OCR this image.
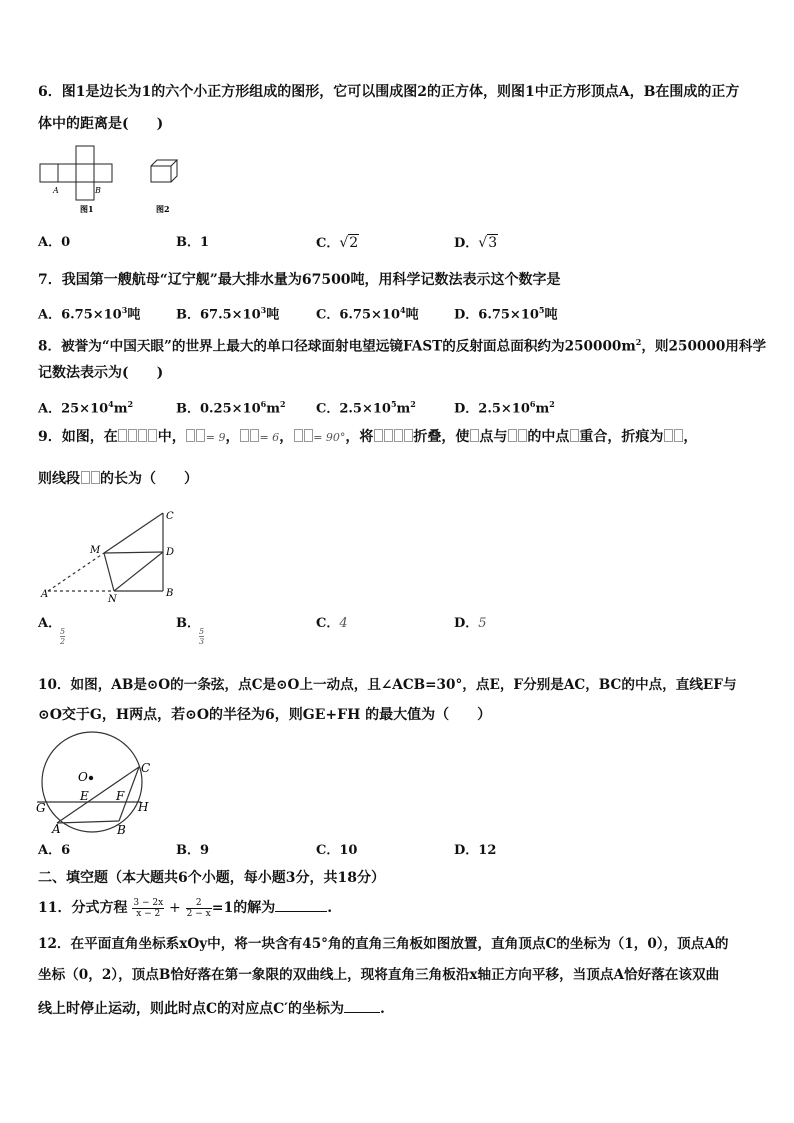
6．图1是边长为1的六个小正方形组成的图形，它可以围成图2的正方体，则图1中正方形顶点A，B在围成的正方
体中的距离是(　　)
A	B
图1	图2
A．0	B．1	C．√2	D．√3
7．我国第一艘航母“辽宁舰”最大排水量为67500吨，用科学记数法表示这个数字是
A．$6.75\times 10^3$吨	B．$67.5\times 10^3$吨	C．$6.75\times 10^4$吨	D．$6.75\times 10^5$吨
8．被誉为“中国天眼”的世界上最大的单口径球面射电望远镜FAST的反射面总面积约为$250000m^2$，则250000用科学
记数法表示为(　　)
A．$25\times 10^4m^2$	B．$0.25\times 10^6m^2$ C．$2.5\times 10^5m^2$	D．$2.5\times 10^6m^2$
9．如图，在	中， = 9， = 6， = 90°，将	折叠，使 点与 的中点 重合，折痕为 ，
则线段 的长为（　　）
C
M	D
A	N
B
A．
5
2
B．
5
3
C．4	D．5
10．如图，AB是⊙O的一条弦，点C是⊙O上一动点，且∠ACB=30°，点E，F分别是AC，BC的中点，直线EF与
⊙O交于G，H两点，若⊙O的半径为6，则GE+FH 的最大值为（　　）
O
C
E F
G	H
A	B
A．6	B．9	C．10	D．12
二、填空题（本大题共6个小题，每小题3分，共18分）
11．分式方程 $\frac{3 - 2x}{x - 2} + \frac{2}{2 - x} =1$的解为	.
12．在平面直角坐标系xOy中，将一块含有45°角的直角三角板如图放置，直角顶点C的坐标为（1，0），顶点A的
坐标（0，2），顶点B恰好落在第一象限的双曲线上，现将直角三角板沿x轴正方向平移，当顶点A恰好落在该双曲
线上时停止运动，则此时点C的对应点C′的坐标为	.
